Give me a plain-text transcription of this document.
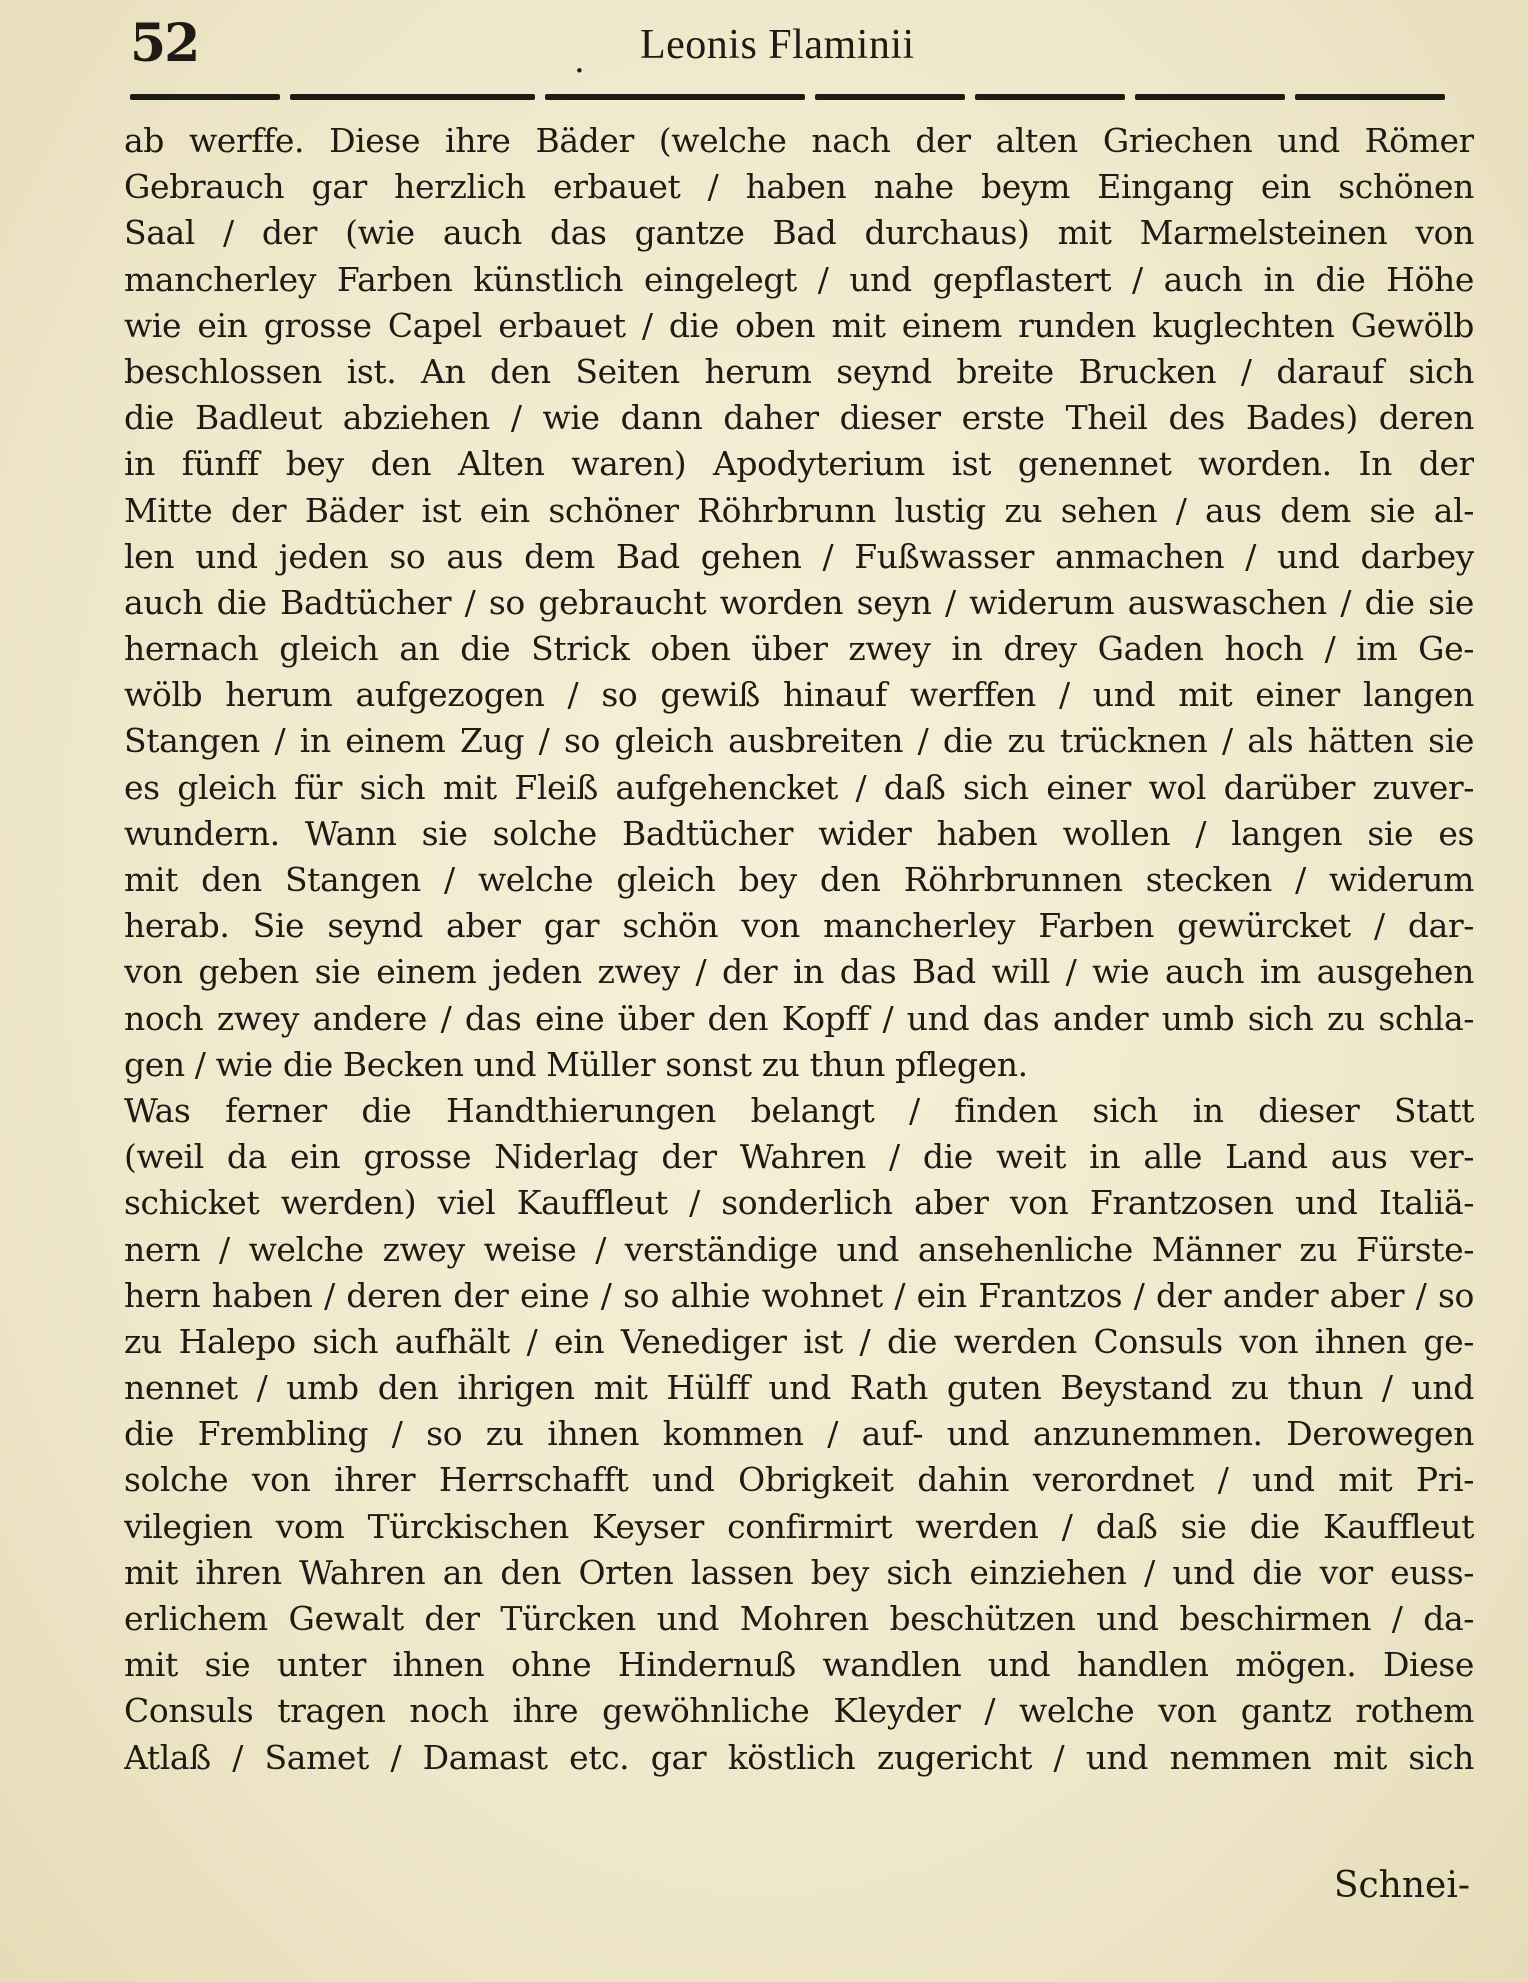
52	. Leonis Flaminii
ab werffe. Diese ihre Bäder (welche nach der alten Griechen und Römer
Gebrauch gar herzlich erbauet / haben nahe beym Eingang ein schönen
Saal / der (wie auch das gantze Bad durchaus) mit Marmelsteinen von
mancherley Farben künstlich eingelegt / und gepflastert / auch in die Höhe
wie ein grosse Capel erbauet / die oben mit einem runden kuglechten Gewölb
beschlossen ist. An den Seiten herum seynd breite Brucken / darauf sich
die Badleut abziehen / wie dann daher dieser erste Theil des Bades) deren
in fünff bey den Alten waren) Apodyterium ist genennet worden. In der
Mitte der Bäder ist ein schöner Röhrbrunn lustig zu sehen / aus dem sie al-
len und jeden so aus dem Bad gehen / Fußwasser anmachen / und darbey
auch die Badtücher / so gebraucht worden seyn / widerum auswaschen / die sie
hernach gleich an die Strick oben über zwey in drey Gaden hoch / im Ge-
wölb herum aufgezogen / so gewiß hinauf werffen / und mit einer langen
Stangen / in einem Zug / so gleich ausbreiten / die zu trücknen / als hätten sie
es gleich für sich mit Fleiß aufgehencket / daß sich einer wol darüber zuver-
wundern. Wann sie solche Badtücher wider haben wollen / langen sie es
mit den Stangen / welche gleich bey den Röhrbrunnen stecken / widerum
herab. Sie seynd aber gar schön von mancherley Farben gewürcket / dar-
von geben sie einem jeden zwey / der in das Bad will / wie auch im ausgehen
noch zwey andere / das eine über den Kopff / und das ander umb sich zu schla-
gen / wie die Becken und Müller sonst zu thun pflegen.
Was ferner die Handthierungen belangt / finden sich in dieser Statt
(weil da ein grosse Niderlag der Wahren / die weit in alle Land aus ver-
schicket werden) viel Kauffleut / sonderlich aber von Frantzosen und Italiä-
nern / welche zwey weise / verständige und ansehenliche Männer zu Fürste-
hern haben / deren der eine / so alhie wohnet / ein Frantzos / der ander aber / so
zu Halepo sich aufhält / ein Venediger ist / die werden Consuls von ihnen ge-
nennet / umb den ihrigen mit Hülff und Rath guten Beystand zu thun / und
die Frembling / so zu ihnen kommen / auf- und anzunemmen. Derowegen
solche von ihrer Herrschafft und Obrigkeit dahin verordnet / und mit Pri-
vilegien vom Türckischen Keyser confirmirt werden / daß sie die Kauffleut
mit ihren Wahren an den Orten lassen bey sich einziehen / und die vor euss-
erlichem Gewalt der Türcken und Mohren beschützen und beschirmen / da-
mit sie unter ihnen ohne Hindernuß wandlen und handlen mögen. Diese
Consuls tragen noch ihre gewöhnliche Kleyder / welche von gantz rothem
Atlaß / Samet / Damast etc. gar köstlich zugericht / und nemmen mit sich
Schnei-
